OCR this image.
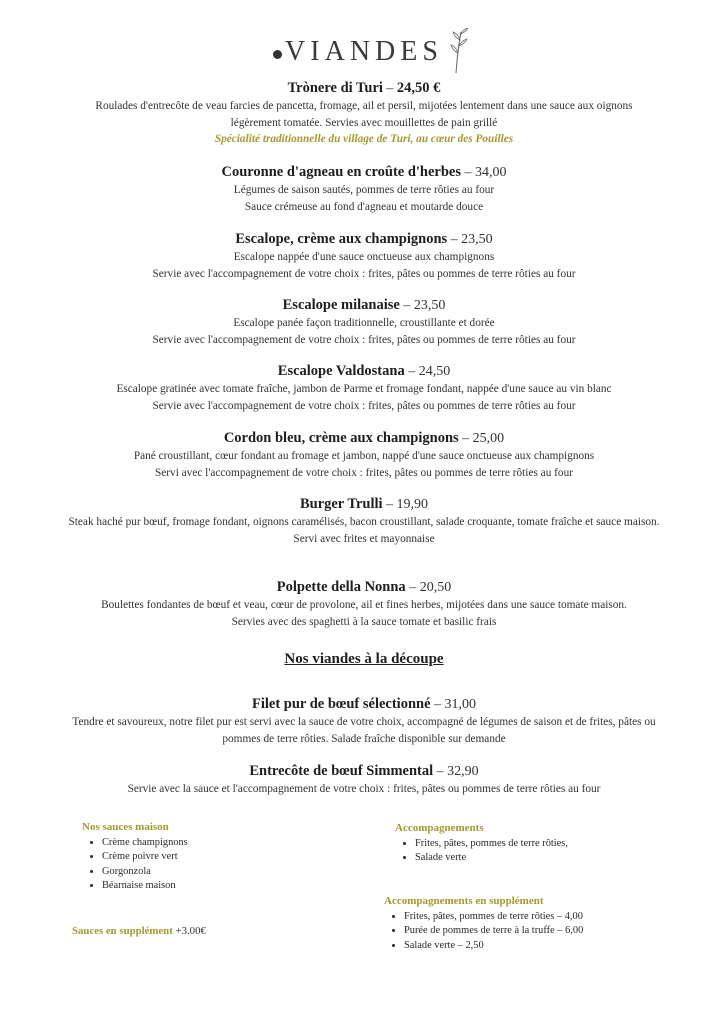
VIANDES

Trònere di Turi – 24,50 €

Roulades d'entrecôte de veau farcies de pancetta, fromage, ail et persil, mijotées lentement dans une sauce aux oignons légèrement tomatée. Servies avec mouillettes de pain grillé
Spécialité traditionnelle du village de Turi, au cœur des Pouilles

Couronne d'agneau en croûte d'herbes – 34,00

Légumes de saison sautés, pommes de terre rôties au four
Sauce crémeuse au fond d'agneau et moutarde douce

Escalope, crème aux champignons – 23,50

Escalope nappée d'une sauce onctueuse aux champignons
Servie avec l'accompagnement de votre choix : frites, pâtes ou pommes de terre rôties au four

Escalope milanaise – 23,50

Escalope panée façon traditionnelle, croustillante et dorée
Servie avec l'accompagnement de votre choix : frites, pâtes ou pommes de terre rôties au four

Escalope Valdostana – 24,50

Escalope gratinée avec tomate fraîche, jambon de Parme et fromage fondant, nappée d'une sauce au vin blanc
Servie avec l'accompagnement de votre choix : frites, pâtes ou pommes de terre rôties au four

Cordon bleu, crème aux champignons – 25,00

Pané croustillant, cœur fondant au fromage et jambon, nappé d'une sauce onctueuse aux champignons
Servi avec l'accompagnement de votre choix : frites, pâtes ou pommes de terre rôties au four

Burger Trulli – 19,90

Steak haché pur bœuf, fromage fondant, oignons caramélisés, bacon croustillant, salade croquante, tomate fraîche et sauce maison.
Servi avec frites et mayonnaise

Polpette della Nonna – 20,50

Boulettes fondantes de bœuf et veau, cœur de provolone, ail et fines herbes, mijotées dans une sauce tomate maison.
Servies avec des spaghetti à la sauce tomate et basilic frais
Nos viandes à la découpe

Filet pur de bœuf sélectionné – 31,00

Tendre et savoureux, notre filet pur est servi avec la sauce de votre choix, accompagné de légumes de saison et de frites, pâtes ou pommes de terre rôties. Salade fraîche disponible sur demande

Entrecôte de bœuf Simmental – 32,90

Servie avec la sauce et l'accompagnement de votre choix : frites, pâtes ou pommes de terre rôties au four

Nos sauces maison

• Crème champignons
• Crème poivre vert
• Gorgonzola
• Béarnaise maison
Sauces en supplément +3.00€

Accompagnements

• Frites, pâtes, pommes de terre rôties,
• Salade verte

Accompagnements en supplément

• Frites, pâtes, pommes de terre rôties – 4,00
• Purée de pommes de terre à la truffe – 6,00
• Salade verte – 2,50
